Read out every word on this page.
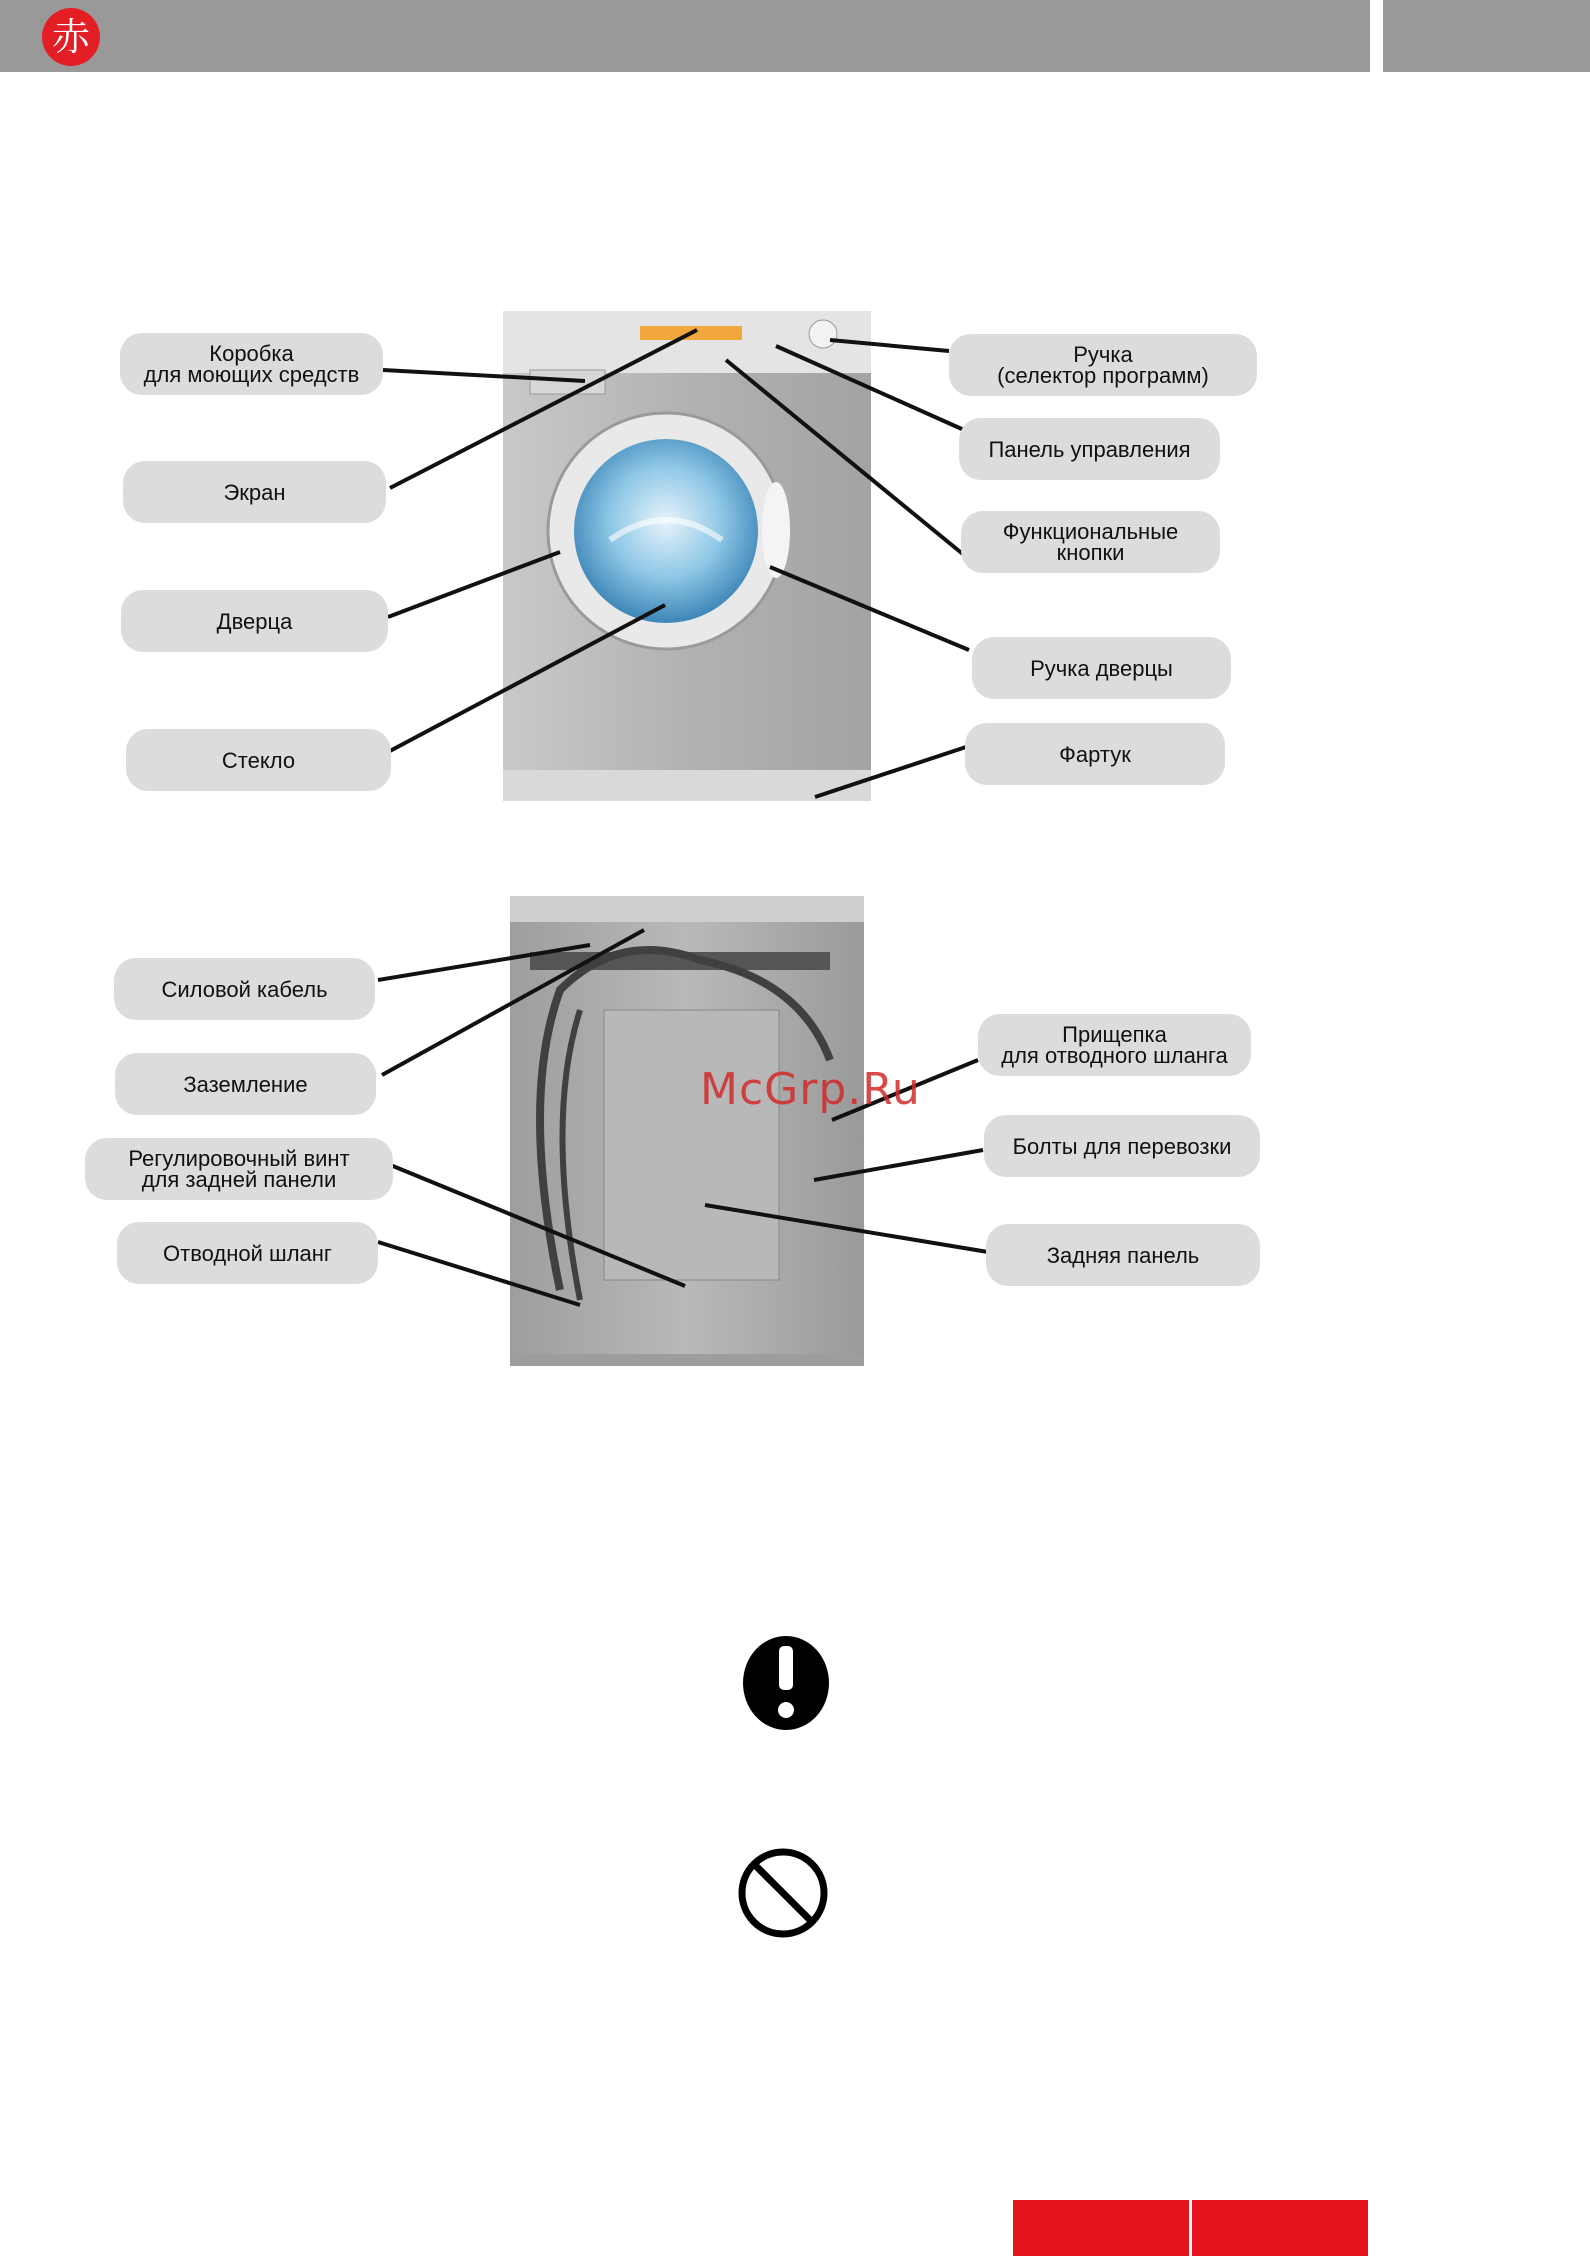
赤
Коробка
для моющих средств
Экран
Дверца
Стекло
Ручка
(селектор программ)
Панель управления
Функциональные
кнопки
Ручка дверцы
Фартук
Силовой кабель
Заземление
Регулировочный винт
для задней панели
Отводной шланг
Прищепка
для отводного шланга
Болты для перевозки
Задняя панель
McGrp.Ru
